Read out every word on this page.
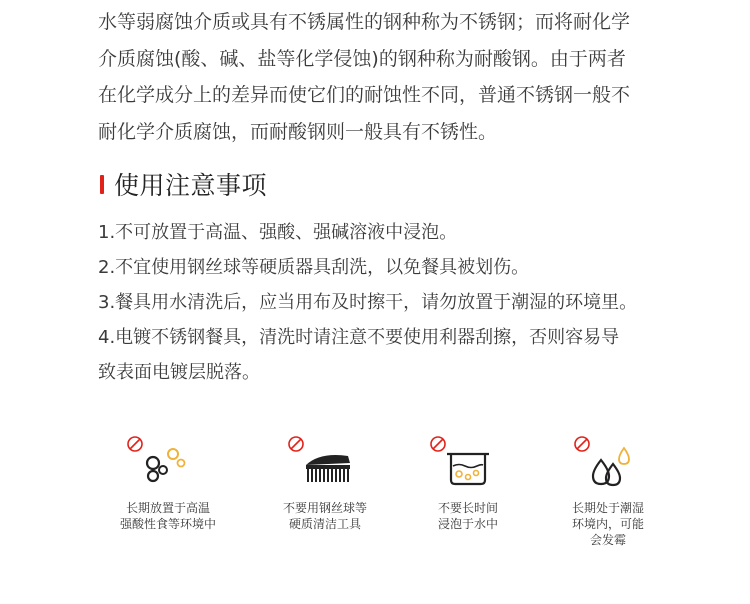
水等弱腐蚀介质或具有不锈属性的钢种称为不锈钢；而将耐化学

介质腐蚀(酸、碱、盐等化学侵蚀)的钢种称为耐酸钢。由于两者

在化学成分上的差异而使它们的耐蚀性不同，普通不锈钢一般不

耐化学介质腐蚀，而耐酸钢则一般具有不锈性。

使用注意事项

1.不可放置于高温、强酸、强碱溶液中浸泡。

2.不宜使用钢丝球等硬质器具刮洗，以免餐具被划伤。

3.餐具用水清洗后，应当用布及时擦干，请勿放置于潮湿的环境里。

4.电镀不锈钢餐具，清洗时请注意不要使用利器刮擦，否则容易导

致表面电镀层脱落。

长期放置于高温
强酸性食等环境中
不要用钢丝球等
硬质清洁工具
不要长时间
浸泡于水中
长期处于潮湿
环境内，可能
会发霉
